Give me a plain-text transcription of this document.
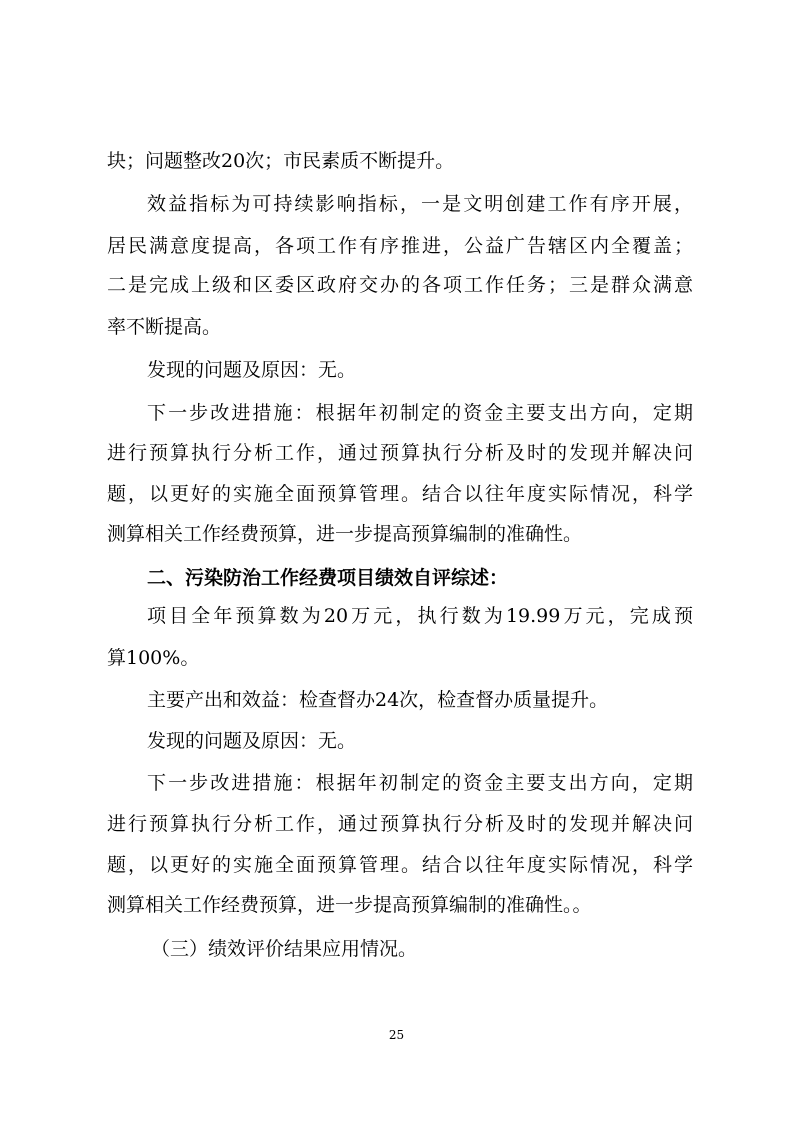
块；问题整改20次；市民素质不断提升。
效益指标为可持续影响指标，一是文明创建工作有序开展，
居民满意度提高，各项工作有序推进，公益广告辖区内全覆盖；
二是完成上级和区委区政府交办的各项工作任务；三是群众满意
率不断提高。
发现的问题及原因：无。
下一步改进措施：根据年初制定的资金主要支出方向，定期
进行预算执行分析工作，通过预算执行分析及时的发现并解决问
题，以更好的实施全面预算管理。结合以往年度实际情况，科学
测算相关工作经费预算，进一步提高预算编制的准确性。
二、污染防治工作经费项目绩效自评综述：
项目全年预算数为20万元，执行数为19.99万元，完成预
算100%。
主要产出和效益：检查督办24次，检查督办质量提升。
发现的问题及原因：无。
下一步改进措施：根据年初制定的资金主要支出方向，定期
进行预算执行分析工作，通过预算执行分析及时的发现并解决问
题，以更好的实施全面预算管理。结合以往年度实际情况，科学
测算相关工作经费预算，进一步提高预算编制的准确性。。
（三）绩效评价结果应用情况。
25
